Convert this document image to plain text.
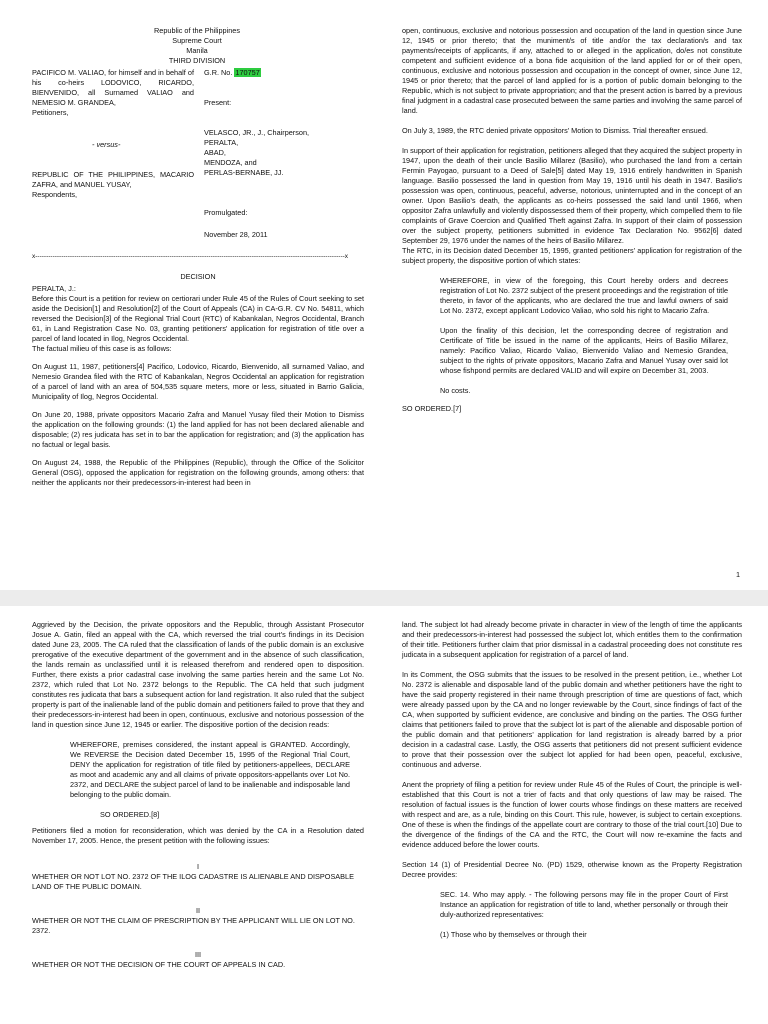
Republic of the Philippines
Supreme Court
Manila
THIRD DIVISION
PACIFICO M. VALIAO, for himself and in behalf of his co-heirs LODOVICO, RICARDO, BIENVENIDO, all Surnamed VALIAO and NEMESIO M. GRANDEA,
Petitioners,
G.R. No. 170757
Present:
- versus-
VELASCO, JR., J., Chairperson,
PERALTA,
ABAD,
MENDOZA, and
PERLAS-BERNABE, JJ.
REPUBLIC OF THE PHILIPPINES, MACARIO ZAFRA, and MANUEL YUSAY,
Respondents,
Promulgated:
November 28, 2011
x-----------------------------------------------------------------------------------------------------------------------------------------------x
DECISION

PERALTA, J.:

Before this Court is a petition for review on certiorari under Rule 45 of the Rules of Court seeking to set aside the Decision[1] and Resolution[2] of the Court of Appeals (CA) in CA-G.R. CV No. 54811, which reversed the Decision[3] of the Regional Trial Court (RTC) of Kabankalan, Negros Occidental, Branch 61, in Land Registration Case No. 03, granting petitioners' application for registration of title over a parcel of land located in Ilog, Negros Occidental.

The factual milieu of this case is as follows:

On August 11, 1987, petitioners[4] Pacifico, Lodovico, Ricardo, Bienvenido, all surnamed Valiao, and Nemesio Grandea filed with the RTC of Kabankalan, Negros Occidental an application for registration of a parcel of land with an area of 504,535 square meters, more or less, situated in Barrio Galicia, Municipality of Ilog, Negros Occidental.

On June 20, 1988, private oppositors Macario Zafra and Manuel Yusay filed their Motion to Dismiss the application on the following grounds: (1) the land applied for has not been declared alienable and disposable; (2) res judicata has set in to bar the application for registration; and (3) the application has no factual or legal basis.

On August 24, 1988, the Republic of the Philippines (Republic), through the Office of the Solicitor General (OSG), opposed the application for registration on the following grounds, among others: that neither the applicants nor their predecessors-in-interest had been in

open, continuous, exclusive and notorious possession and occupation of the land in question since June 12, 1945 or prior thereto; that the muniment/s of title and/or the tax declaration/s and tax payments/receipts of applicants, if any, attached to or alleged in the application, do/es not constitute competent and sufficient evidence of a bona fide acquisition of the land applied for or of their open, continuous, exclusive and notorious possession and occupation in the concept of owner, since June 12, 1945 or prior thereto; that the parcel of land applied for is a portion of public domain belonging to the Republic, which is not subject to private appropriation; and that the present action is barred by a previous final judgment in a cadastral case prosecuted between the same parties and involving the same parcel of land.

On July 3, 1989, the RTC denied private oppositors' Motion to Dismiss. Trial thereafter ensued.

In support of their application for registration, petitioners alleged that they acquired the subject property in 1947, upon the death of their uncle Basilio Millarez (Basilio), who purchased the land from a certain Fermin Payogao, pursuant to a Deed of Sale[5] dated May 19, 1916 entirely handwritten in Spanish language. Basilio possessed the land in question from May 19, 1916 until his death in 1947. Basilio's possession was open, continuous, peaceful, adverse, notorious, uninterrupted and in the concept of an owner. Upon Basilio's death, the applicants as co-heirs possessed the said land until 1966, when oppositor Zafra unlawfully and violently dispossessed them of their property, which compelled them to file complaints of Grave Coercion and Qualified Theft against Zafra. In support of their claim of possession over the subject property, petitioners submitted in evidence Tax Declaration No. 9562[6] dated September 29, 1976 under the names of the heirs of Basilio Millarez.

The RTC, in its Decision dated December 15, 1995, granted petitioners' application for registration of the subject property, the dispositive portion of which states:

WHEREFORE, in view of the foregoing, this Court hereby orders and decrees registration of Lot No. 2372 subject of the present proceedings and the registration of title thereto, in favor of the applicants, who are declared the true and lawful owners of said Lot No. 2372, except applicant Lodovico Valiao, who sold his right to Macario Zafra.

Upon the finality of this decision, let the corresponding decree of registration and Certificate of Title be issued in the name of the applicants, Heirs of Basilio Millarez, namely: Pacifico Valiao, Ricardo Valiao, Bienvenido Valiao and Nemesio Grandea, subject to the rights of private oppositors, Macario Zafra and Manuel Yusay over said lot whose fishpond permits are declared VALID and will expire on December 31, 2003.

No costs.

SO ORDERED.[7]

1

Aggrieved by the Decision, the private oppositors and the Republic, through Assistant Prosecutor Josue A. Gatin, filed an appeal with the CA, which reversed the trial court's findings in its Decision dated June 23, 2005. The CA ruled that the classification of lands of the public domain is an exclusive prerogative of the executive department of the government and in the absence of such classification, the lands remain as unclassified until it is released therefrom and rendered open to disposition. Further, there exists a prior cadastral case involving the same parties herein and the same Lot No. 2372, which ruled that Lot No. 2372 belongs to the Republic. The CA held that such judgment constitutes res judicata that bars a subsequent action for land registration. It also ruled that the subject property is part of the inalienable land of the public domain and petitioners failed to prove that they and their predecessors-in-interest had been in open, continuous, exclusive and notorious possession of the land in question since June 12, 1945 or earlier. The dispositive portion of the decision reads:

WHEREFORE, premises considered, the instant appeal is GRANTED. Accordingly, We REVERSE the Decision dated December 15, 1995 of the Regional Trial Court, DENY the application for registration of title filed by petitioners-appellees, DECLARE as moot and academic any and all claims of private oppositors-appellants over Lot No. 2372, and DECLARE the subject parcel of land to be inalienable and indisposable land belonging to the public domain.

SO ORDERED.[8]

Petitioners filed a motion for reconsideration, which was denied by the CA in a Resolution dated November 17, 2005. Hence, the present petition with the following issues:

I
WHETHER OR NOT LOT NO. 2372 OF THE ILOG CADASTRE IS ALIENABLE AND DISPOSABLE LAND OF THE PUBLIC DOMAIN.
II
WHETHER OR NOT THE CLAIM OF PRESCRIPTION BY THE APPLICANT WILL LIE ON LOT NO. 2372.
III
WHETHER OR NOT THE DECISION OF THE COURT OF APPEALS IN CAD.

land. The subject lot had already become private in character in view of the length of time the applicants and their predecessors-in-interest had possessed the subject lot, which entitles them to the confirmation of their title. Petitioners further claim that prior dismissal in a cadastral proceeding does not constitute res judicata in a subsequent application for registration of a parcel of land.

In its Comment, the OSG submits that the issues to be resolved in the present petition, i.e., whether Lot No. 2372 is alienable and disposable land of the public domain and whether petitioners have the right to have the said property registered in their name through prescription of time are questions of fact, which were already passed upon by the CA and no longer reviewable by the Court, since findings of fact of the CA, when supported by sufficient evidence, are conclusive and binding on the parties. The OSG further claims that petitioners failed to prove that the subject lot is part of the alienable and disposable portion of the public domain and that petitioners' application for land registration is already barred by a prior decision in a cadastral case. Lastly, the OSG asserts that petitioners did not present sufficient evidence to prove that their possession over the subject lot applied for had been open, peaceful, exclusive, continuous and adverse.

Anent the propriety of filing a petition for review under Rule 45 of the Rules of Court, the principle is well-established that this Court is not a trier of facts and that only questions of law may be raised. The resolution of factual issues is the function of lower courts whose findings on these matters are received with respect and are, as a rule, binding on this Court. This rule, however, is subject to certain exceptions. One of these is when the findings of the appellate court are contrary to those of the trial court.[10] Due to the divergence of the findings of the CA and the RTC, the Court will now re-examine the facts and evidence adduced before the lower courts.

Section 14 (1) of Presidential Decree No. (PD) 1529, otherwise known as the Property Registration Decree provides:

SEC. 14. Who may apply. - The following persons may file in the proper Court of First Instance an application for registration of title to land, whether personally or through their duly-authorized representatives:

(1) Those who by themselves or through their
